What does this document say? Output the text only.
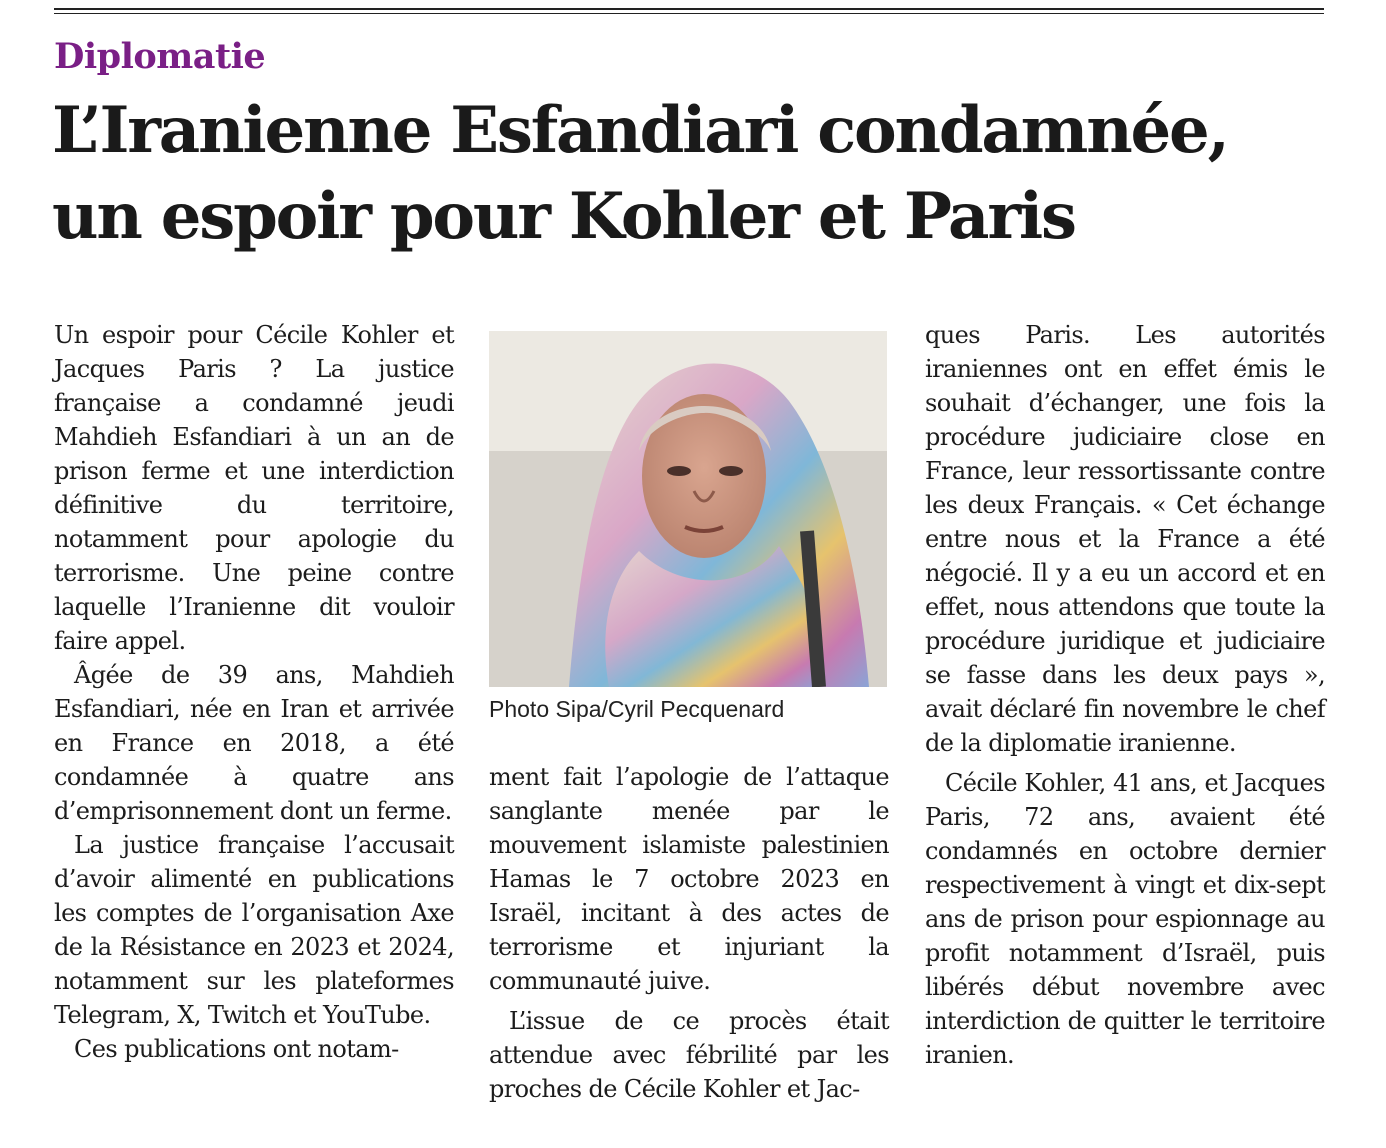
Diplomatie
L’Iranienne Esfandiari condamnée,
un espoir pour Kohler et Paris

Un espoir pour Cécile Kohler et Jacques Paris ? La justice française a condamné jeudi Mahdieh Esfandiari à un an de prison ferme et une interdiction définitive du territoire, notamment pour apologie du terrorisme. Une peine contre laquelle l’Iranienne dit vouloir faire appel.

Âgée de 39 ans, Mahdieh Esfandiari, née en Iran et arrivée en France en 2018, a été condamnée à quatre ans d’emprisonnement dont un ferme.

La justice française l’accusait d’avoir alimenté en publications les comptes de l’organisation Axe de la Résistance en 2023 et 2024, notamment sur les plateformes Telegram, X, Twitch et YouTube.

Ces publications ont notam-

Photo Sipa/Cyril Pecquenard

ment fait l’apologie de l’attaque sanglante menée par le mouvement islamiste palestinien Hamas le 7 octobre 2023 en Israël, incitant à des actes de terrorisme et injuriant la communauté juive.

L’issue de ce procès était attendue avec fébrilité par les proches de Cécile Kohler et Jac-

ques Paris. Les autorités iraniennes ont en effet émis le souhait d’échanger, une fois la procédure judiciaire close en France, leur ressortissante contre les deux Français. « Cet échange entre nous et la France a été négocié. Il y a eu un accord et en effet, nous attendons que toute la procédure juridique et judiciaire se fasse dans les deux pays », avait déclaré fin novembre le chef de la diplomatie iranienne.

Cécile Kohler, 41 ans, et Jacques Paris, 72 ans, avaient été condamnés en octobre dernier respectivement à vingt et dix-sept ans de prison pour espionnage au profit notamment d’Israël, puis libérés début novembre avec interdiction de quitter le territoire iranien.
